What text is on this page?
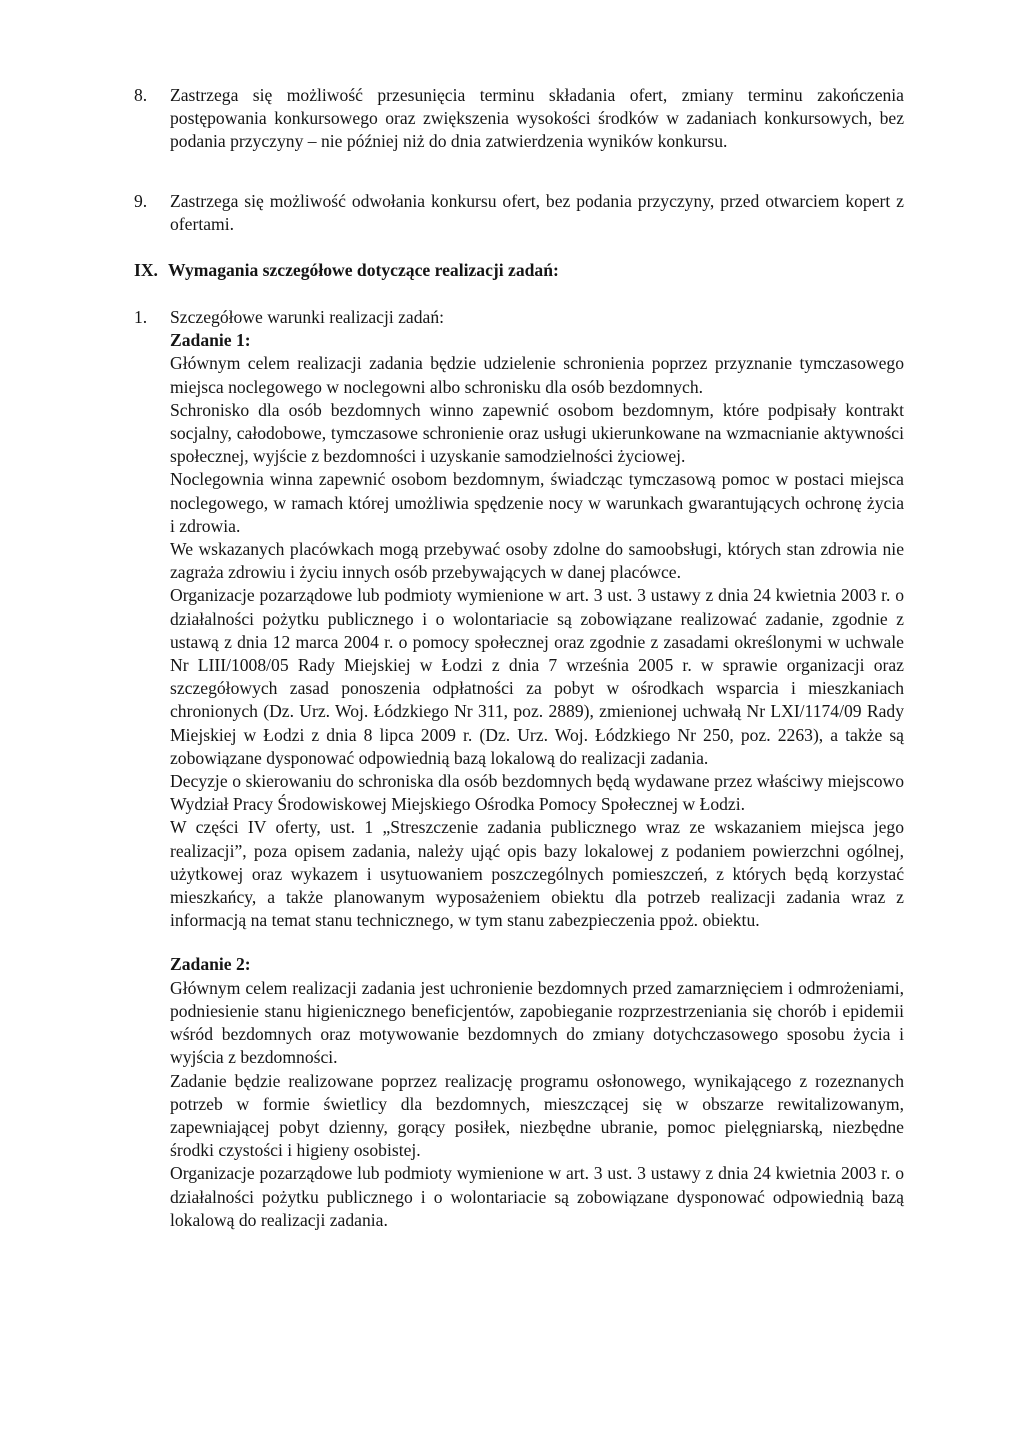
8. Zastrzega się możliwość przesunięcia terminu składania ofert, zmiany terminu zakończenia postępowania konkursowego oraz zwiększenia wysokości środków w zadaniach konkursowych, bez podania przyczyny – nie później niż do dnia zatwierdzenia wyników konkursu.
9. Zastrzega się możliwość odwołania konkursu ofert, bez podania przyczyny, przed otwarciem kopert z ofertami.
IX. Wymagania szczegółowe dotyczące realizacji zadań:
1. Szczegółowe warunki realizacji zadań:
Zadanie 1:

Głównym celem realizacji zadania będzie udzielenie schronienia poprzez przyznanie tymczasowego miejsca noclegowego w noclegowni albo schronisku dla osób bezdomnych.

Schronisko dla osób bezdomnych winno zapewnić osobom bezdomnym, które podpisały kontrakt socjalny, całodobowe, tymczasowe schronienie oraz usługi ukierunkowane na wzmacnianie aktywności społecznej, wyjście z bezdomności i uzyskanie samodzielności życiowej.

Noclegownia winna zapewnić osobom bezdomnym, świadcząc tymczasową pomoc w postaci miejsca noclegowego, w ramach której umożliwia spędzenie nocy w warunkach gwarantujących ochronę życia i zdrowia.

We wskazanych placówkach mogą przebywać osoby zdolne do samoobsługi, których stan zdrowia nie zagraża zdrowiu i życiu innych osób przebywających w danej placówce.

Organizacje pozarządowe lub podmioty wymienione w art. 3 ust. 3 ustawy z dnia 24 kwietnia 2003 r. o działalności pożytku publicznego i o wolontariacie są zobowiązane realizować zadanie, zgodnie z ustawą z dnia 12 marca 2004 r. o pomocy społecznej oraz zgodnie z zasadami określonymi w uchwale Nr LIII/1008/05 Rady Miejskiej w Łodzi z dnia 7 września 2005 r. w sprawie organizacji oraz szczegółowych zasad ponoszenia odpłatności za pobyt w ośrodkach wsparcia i mieszkaniach chronionych (Dz. Urz. Woj. Łódzkiego Nr 311, poz. 2889), zmienionej uchwałą Nr LXI/1174/09 Rady Miejskiej w Łodzi z dnia 8 lipca 2009 r. (Dz. Urz. Woj. Łódzkiego Nr 250, poz. 2263), a także są zobowiązane dysponować odpowiednią bazą lokalową do realizacji zadania.

Decyzje o skierowaniu do schroniska dla osób bezdomnych będą wydawane przez właściwy miejscowo Wydział Pracy Środowiskowej Miejskiego Ośrodka Pomocy Społecznej w Łodzi.

W części IV oferty, ust. 1 „Streszczenie zadania publicznego wraz ze wskazaniem miejsca jego realizacji”, poza opisem zadania, należy ująć opis bazy lokalowej z podaniem powierzchni ogólnej, użytkowej oraz wykazem i usytuowaniem poszczególnych pomieszczeń, z których będą korzystać mieszkańcy, a także planowanym wyposażeniem obiektu dla potrzeb realizacji zadania wraz z informacją na temat stanu technicznego, w tym stanu zabezpieczenia ppoż. obiektu.

Zadanie 2:

Głównym celem realizacji zadania jest uchronienie bezdomnych przed zamarznięciem i odmrożeniami, podniesienie stanu higienicznego beneficjentów, zapobieganie rozprzestrzeniania się chorób i epidemii wśród bezdomnych oraz motywowanie bezdomnych do zmiany dotychczasowego sposobu życia i wyjścia z bezdomności.

Zadanie będzie realizowane poprzez realizację programu osłonowego, wynikającego z rozeznanych potrzeb w formie świetlicy dla bezdomnych, mieszczącej się w obszarze rewitalizowanym, zapewniającej pobyt dzienny, gorący posiłek, niezbędne ubranie, pomoc pielęgniarską, niezbędne środki czystości i higieny osobistej.

Organizacje pozarządowe lub podmioty wymienione w art. 3 ust. 3 ustawy z dnia 24 kwietnia 2003 r. o działalności pożytku publicznego i o wolontariacie są zobowiązane dysponować odpowiednią bazą lokalową do realizacji zadania.
